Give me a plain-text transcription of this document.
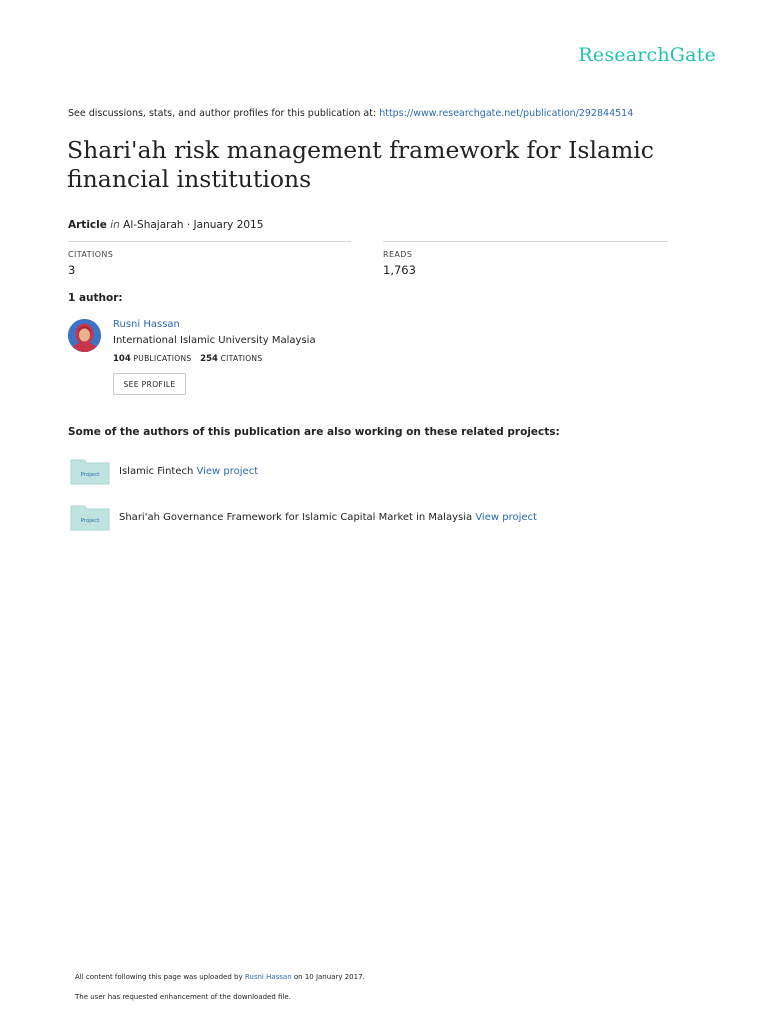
ResearchGate
See discussions, stats, and author profiles for this publication at: https://www.researchgate.net/publication/292844514
Shari'ah risk management framework for Islamic financial institutions
Article in Al-Shajarah · January 2015
CITATIONS
3
READS
1,763
1 author:
Rusni Hassan
International Islamic University Malaysia
104 PUBLICATIONS 254 CITATIONS
SEE PROFILE
Some of the authors of this publication are also working on these related projects:
Project Islamic Fintech View project
Project Shari'ah Governance Framework for Islamic Capital Market in Malaysia View project
All content following this page was uploaded by Rusni Hassan on 10 January 2017.
The user has requested enhancement of the downloaded file.
